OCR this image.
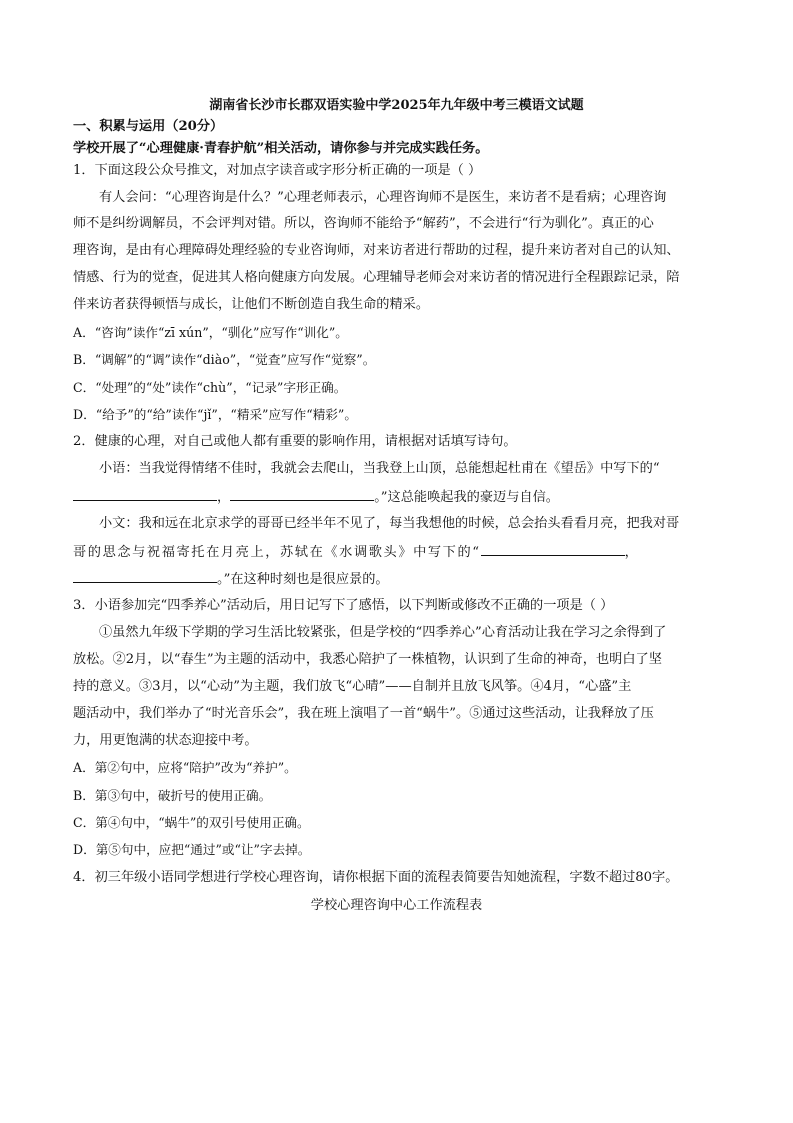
湖南省长沙市长郡双语实验中学2025年九年级中考三模语文试题
一、积累与运用（20分）
学校开展了“心理健康·青春护航”相关活动，请你参与并完成实践任务。
1．下面这段公众号推文，对加点字读音或字形分析正确的一项是（ ）
有人会问：“心理咨询是什么？”心理老师表示，心理咨询师不是医生，来访者不是看病；心理咨询
师不是纠纷调解员，不会评判对错。所以，咨询师不能给予“解药”，不会进行“行为驯化”。真正的心
理咨询，是由有心理障碍处理经验的专业咨询师，对来访者进行帮助的过程，提升来访者对自己的认知、
情感、行为的觉查，促进其人格向健康方向发展。心理辅导老师会对来访者的情况进行全程跟踪记录，陪
伴来访者获得顿悟与成长，让他们不断创造自我生命的精采。
A．“咨询”读作“zī xún”，“驯化”应写作“训化”。
B．“调解”的“调”读作“diào”，“觉查”应写作“觉察”。
C．“处理”的“处”读作“chù”，“记录”字形正确。
D．“给予”的“给”读作“jǐ”，“精采”应写作“精彩”。
2．健康的心理，对自己或他人都有重要的影响作用，请根据对话填写诗句。
小语：当我觉得情绪不佳时，我就会去爬山，当我登上山顶，总能想起杜甫在《望岳》中写下的“
，	。”这总能唤起我的豪迈与自信。
小文：我和远在北京求学的哥哥已经半年不见了，每当我想他的时候，总会抬头看看月亮，把我对哥
哥的思念与祝福寄托在月亮上，苏轼在《水调歌头》中写下的“	，
。”在这种时刻也是很应景的。
3．小语参加完“四季养心”活动后，用日记写下了感悟，以下判断或修改不正确的一项是（ ）
①虽然九年级下学期的学习生活比较紧张，但是学校的“四季养心”心育活动让我在学习之余得到了
放松。②2月，以“春生”为主题的活动中，我悉心陪护了一株植物，认识到了生命的神奇，也明白了坚
持的意义。③3月，以“心动”为主题，我们放飞“心晴”——自制并且放飞风筝。④4月，“心盛”主
题活动中，我们举办了“时光音乐会”，我在班上演唱了一首“蜗牛”。⑤通过这些活动，让我释放了压
力，用更饱满的状态迎接中考。
A．第②句中，应将“陪护”改为“养护”。
B．第③句中，破折号的使用正确。
C．第④句中，“蜗牛”的双引号使用正确。
D．第⑤句中，应把“通过”或“让”字去掉。
4．初三年级小语同学想进行学校心理咨询，请你根据下面的流程表简要告知她流程，字数不超过80字。
学校心理咨询中心工作流程表
